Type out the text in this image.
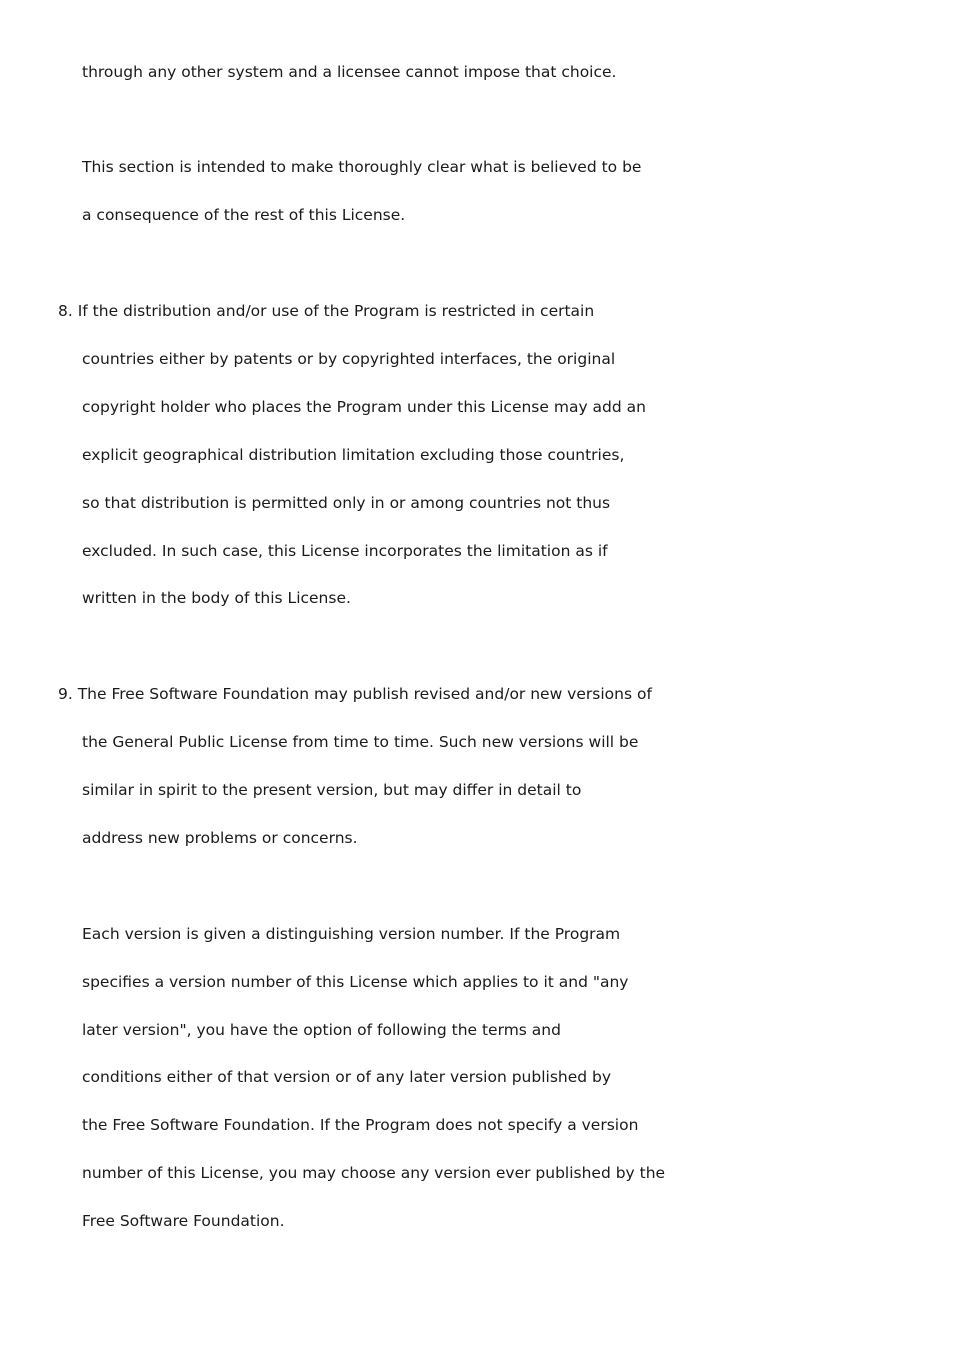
through any other system and a licensee cannot impose that choice.
This section is intended to make thoroughly clear what is believed to be
a consequence of the rest of this License.
8. If the distribution and/or use of the Program is restricted in certain
countries either by patents or by copyrighted interfaces, the original
copyright holder who places the Program under this License may add an
explicit geographical distribution limitation excluding those countries,
so that distribution is permitted only in or among countries not thus
excluded. In such case, this License incorporates the limitation as if
written in the body of this License.
9. The Free Software Foundation may publish revised and/or new versions of
the General Public License from time to time. Such new versions will be
similar in spirit to the present version, but may differ in detail to
address new problems or concerns.
Each version is given a distinguishing version number. If the Program
specifies a version number of this License which applies to it and "any
later version", you have the option of following the terms and
conditions either of that version or of any later version published by
the Free Software Foundation. If the Program does not specify a version
number of this License, you may choose any version ever published by the
Free Software Foundation.
